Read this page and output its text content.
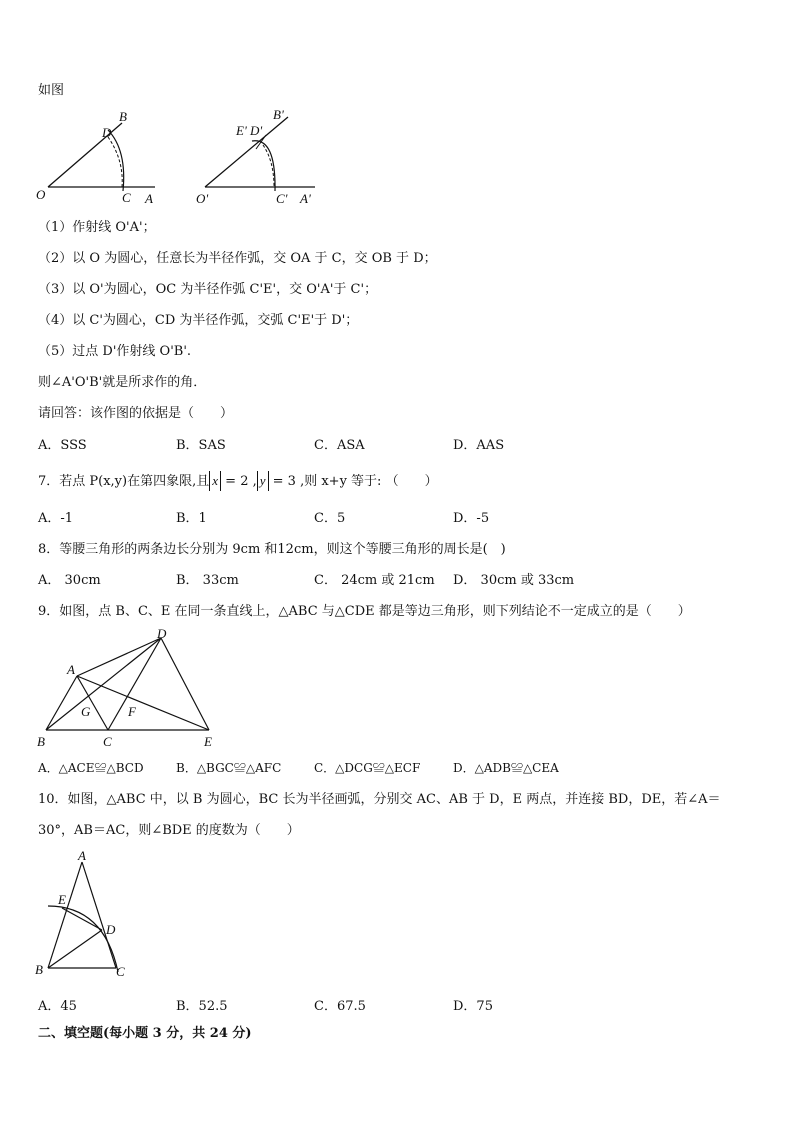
如图
O	A
B
C
D
O'	A'
B'
C'
E' D'
（1）作射线 O'A'；
（2）以 O 为圆心，任意长为半径作弧，交 OA 于 C，交 OB 于 D；
（3）以 O'为圆心，OC 为半径作弧 C'E'，交 O'A'于 C'；
（4）以 C'为圆心，CD 为半径作弧，交弧 C'E'于 D'；
（5）过点 D'作射线 O'B'.
则∠A'O'B'就是所求作的角．
请回答：该作图的依据是（　　）
A．SSS	B．SAS	C．ASA	D．AAS
7．若点 P(x,y)在第四象限,且 x = 2 , y = 3 ,则 x+y 等于: （　　）
A．-1	B．1	C．5	D．-5
8．等腰三角形的两条边长分别为 9cm 和12cm，则这个等腰三角形的周长是(　)
A． 30cm	B． 33cm	C． 24cm 或 21cm D． 30cm 或 33cm
9．如图，点 B、C、E 在同一条直线上，△ABC 与△CDE 都是等边三角形，则下列结论不一定成立的是（　　）
A
B	C
D
E
F
G
A．△ACE≌△BCD	B．△BGC≌△AFC	C．△DCG≌△ECF	D．△ADB≌△CEA
10．如图，△ABC 中，以 B 为圆心，BC 长为半径画弧，分别交 AC、AB 于 D，E 两点，并连接 BD，DE，若∠A＝
30°，AB＝AC，则∠BDE 的度数为（　　）
A
B	C
D
E
A．45	B．52.5	C．67.5	D．75
二、填空题(每小题 3 分，共 24 分)
